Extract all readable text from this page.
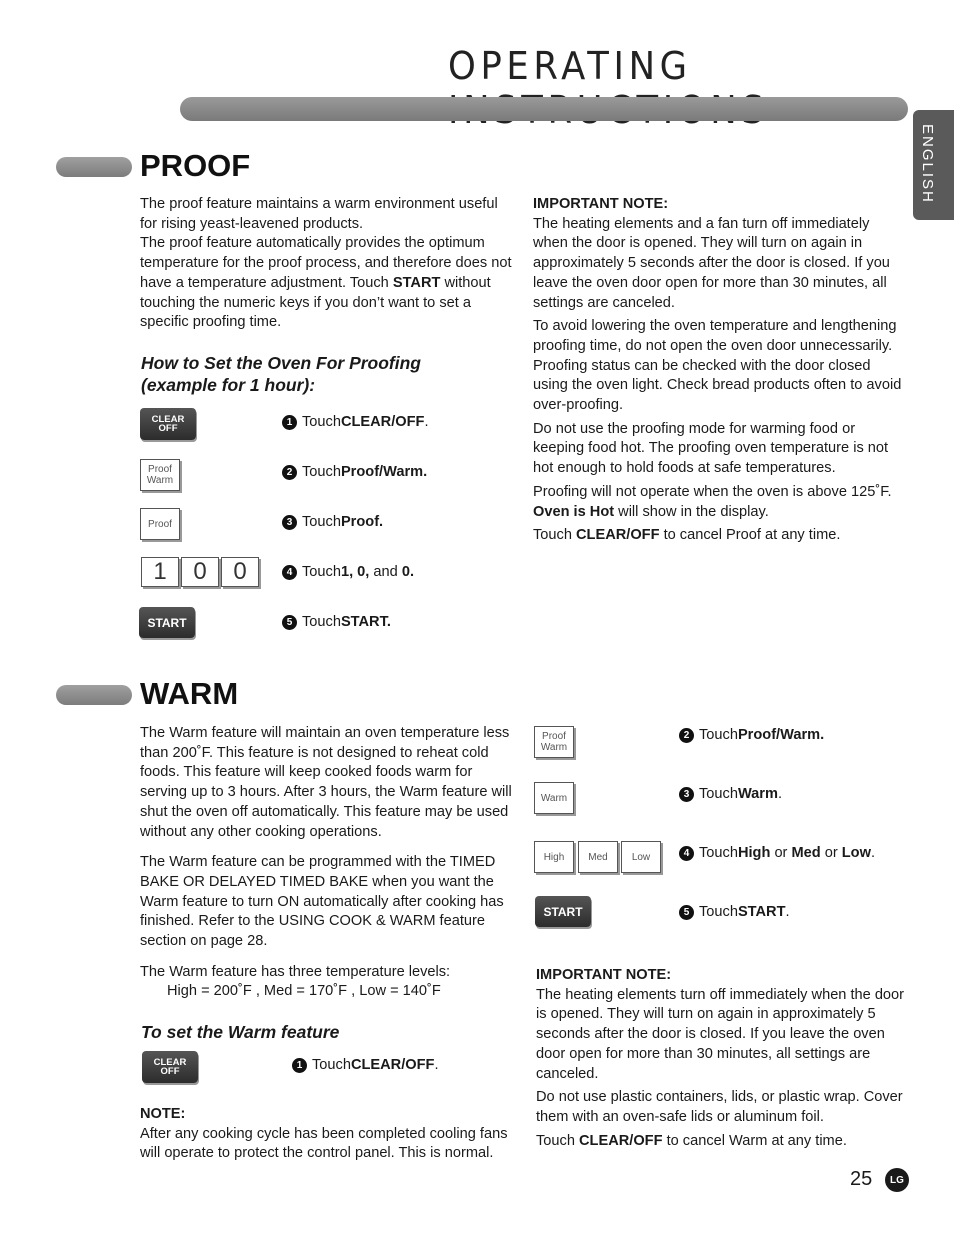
OPERATING
ENGLISH
PROOF

The proof feature maintains a warm environment useful for rising yeast-leavened products.

The proof feature automatically provides the optimum temperature for the proof process, and therefore does not have a temperature adjustment. Touch START without touching the numeric keys if you don’t want to set a specific proofing time.

How to Set the Oven For Proofing (example for 1 hour):
CLEAR OFF
Proof Warm
Proof
1	0	0
START
1 Touch CLEAR/OFF .
2 Touch Proof/Warm.
3 Touch Proof.
4 Touch 1, 0, and 0.
5 Touch START.

IMPORTANT NOTE:

The heating elements and a fan turn off immediately when the door is opened. They will turn on again in approximately 5 seconds after the door is closed. If you leave the oven door open for more than 30 minutes, all settings are canceled.

To avoid lowering the oven temperature and lengthening proofing time, do not open the oven door unnecessarily. Proofing status can be checked with the door closed using the oven light. Check bread products often to avoid over-proofing.

Do not use the proofing mode for warming food or keeping food hot. The proofing oven temperature is not hot enough to hold foods at safe temperatures.

Proofing will not operate when the oven is above 125˚F. Oven is Hot will show in the display.

Touch CLEAR/OFF to cancel Proof at any time.

WARM

The Warm feature will maintain an oven temperature less than 200˚F. This feature is not designed to reheat cold foods. This feature will keep cooked foods warm for serving up to 3 hours. After 3 hours, the Warm feature will shut the oven off automatically. This feature may be used without any other cooking operations.

The Warm feature can be programmed with the TIMED BAKE OR DELAYED TIMED BAKE when you want the Warm feature to turn ON automatically after cooking has finished. Refer to the USING COOK & WARM feature section on page 28.

The Warm feature has three temperature levels:

High = 200˚F , Med = 170˚F , Low = 140˚F

To set the Warm feature
CLEAR OFF
1 Touch CLEAR/OFF .

NOTE:

After any cooking cycle has been completed cooling fans will operate to protect the control panel. This is normal.

Proof Warm
Warm
High	Med	Low
START
2 Touch Proof/Warm.
3 Touch Warm .
4 Touch High or Med or Low .
5 Touch START .

IMPORTANT NOTE:

The heating elements turn off immediately when the door is opened. They will turn on again in approximately 5 seconds after the door is closed. If you leave the oven door open for more than 30 minutes, all settings are canceled.

Do not use plastic containers, lids, or plastic wrap. Cover them with an oven-safe lids or aluminum foil.

Touch CLEAR/OFF to cancel Warm at any time.

25	LG
